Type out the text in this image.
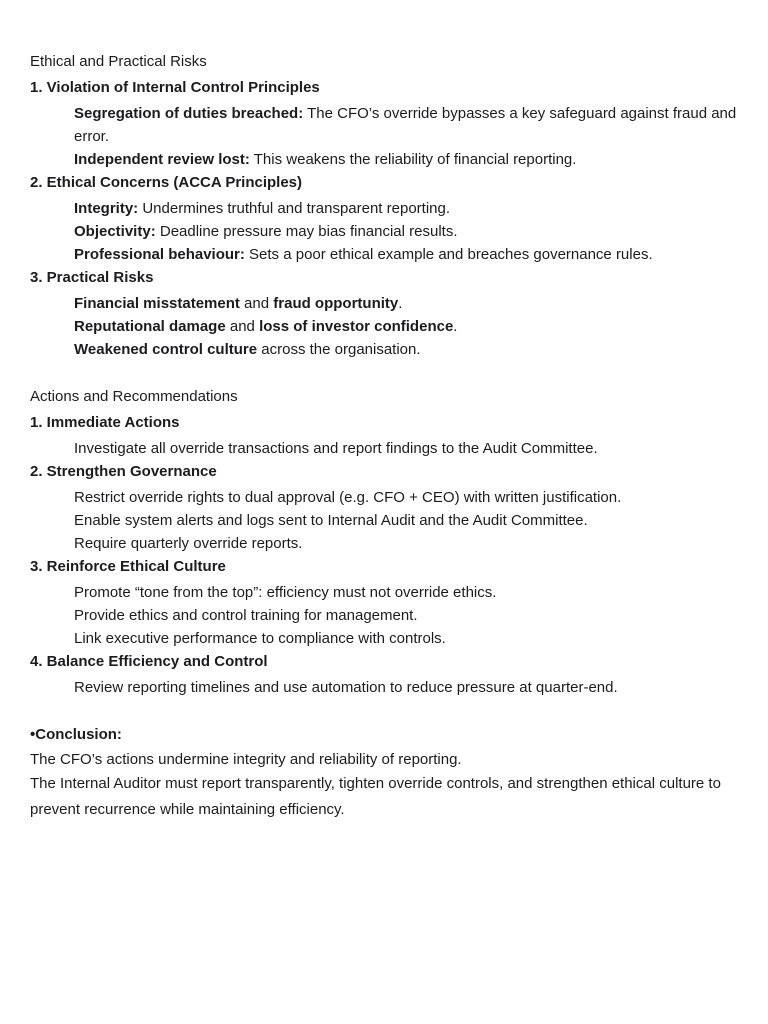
Ethical and Practical Risks

1. Violation of Internal Control Principles

Segregation of duties breached: The CFO’s override bypasses a key safeguard against fraud and error.

Independent review lost: This weakens the reliability of financial reporting.

2. Ethical Concerns (ACCA Principles)

Integrity: Undermines truthful and transparent reporting.

Objectivity: Deadline pressure may bias financial results.

Professional behaviour: Sets a poor ethical example and breaches governance rules.

3. Practical Risks

Financial misstatement and fraud opportunity.

Reputational damage and loss of investor confidence.

Weakened control culture across the organisation.

Actions and Recommendations

1. Immediate Actions

Investigate all override transactions and report findings to the Audit Committee.

2. Strengthen Governance

Restrict override rights to dual approval (e.g. CFO + CEO) with written justification.

Enable system alerts and logs sent to Internal Audit and the Audit Committee.

Require quarterly override reports.

3. Reinforce Ethical Culture

Promote “tone from the top”: efficiency must not override ethics.

Provide ethics and control training for management.

Link executive performance to compliance with controls.

4. Balance Efficiency and Control

Review reporting timelines and use automation to reduce pressure at quarter-end.

•Conclusion:

The CFO’s actions undermine integrity and reliability of reporting.

The Internal Auditor must report transparently, tighten override controls, and strengthen ethical culture to prevent recurrence while maintaining efficiency.
